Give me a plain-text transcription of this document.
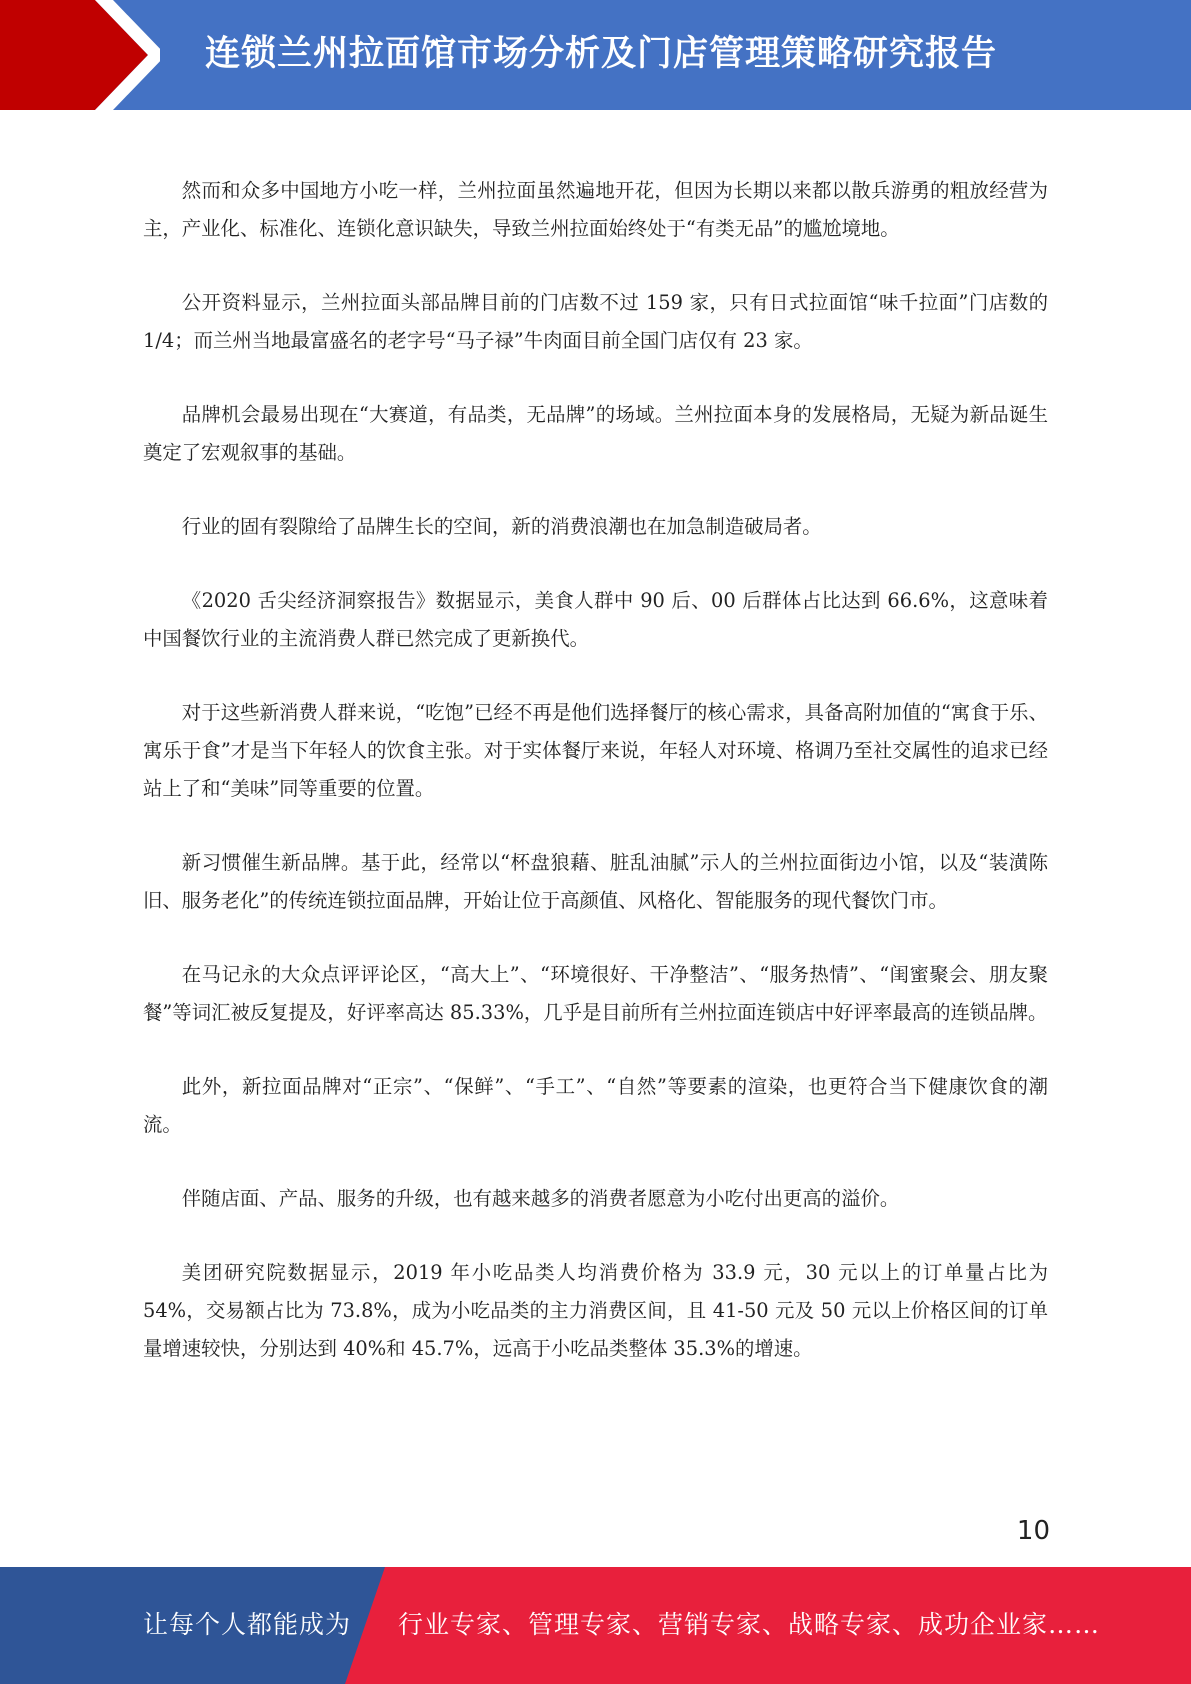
连锁兰州拉面馆市场分析及门店管理策略研究报告

然而和众多中国地方小吃一样，兰州拉面虽然遍地开花，但因为长期以来都以散兵游勇的粗放经营为主，产业化、标准化、连锁化意识缺失，导致兰州拉面始终处于“有类无品”的尴尬境地。

公开资料显示，兰州拉面头部品牌目前的门店数不过 159 家，只有日式拉面馆“味千拉面”门店数的 1/4；而兰州当地最富盛名的老字号“马子禄”牛肉面目前全国门店仅有 23 家。

品牌机会最易出现在“大赛道，有品类，无品牌”的场域。兰州拉面本身的发展格局，无疑为新品诞生奠定了宏观叙事的基础。

行业的固有裂隙给了品牌生长的空间，新的消费浪潮也在加急制造破局者。

《2020 舌尖经济洞察报告》数据显示，美食人群中 90 后、00 后群体占比达到 66.6%，这意味着中国餐饮行业的主流消费人群已然完成了更新换代。

对于这些新消费人群来说，“吃饱”已经不再是他们选择餐厅的核心需求，具备高附加值的“寓食于乐、寓乐于食”才是当下年轻人的饮食主张。对于实体餐厅来说，年轻人对环境、格调乃至社交属性的追求已经站上了和“美味”同等重要的位置。

新习惯催生新品牌。基于此，经常以“杯盘狼藉、脏乱油腻”示人的兰州拉面街边小馆，以及“装潢陈旧、服务老化”的传统连锁拉面品牌，开始让位于高颜值、风格化、智能服务的现代餐饮门市。

在马记永的大众点评评论区，“高大上”、“环境很好、干净整洁”、“服务热情”、“闺蜜聚会、朋友聚餐”等词汇被反复提及，好评率高达 85.33%，几乎是目前所有兰州拉面连锁店中好评率最高的连锁品牌。

此外，新拉面品牌对“正宗”、“保鲜”、“手工”、“自然”等要素的渲染，也更符合当下健康饮食的潮流。

伴随店面、产品、服务的升级，也有越来越多的消费者愿意为小吃付出更高的溢价。

美团研究院数据显示，2019 年小吃品类人均消费价格为 33.9 元，30 元以上的订单量占比为 54%，交易额占比为 73.8%，成为小吃品类的主力消费区间，且 41-50 元及 50 元以上价格区间的订单量增速较快，分别达到 40%和 45.7%，远高于小吃品类整体 35.3%的增速。

10
让每个人都能成为 行业专家、管理专家、营销专家、战略专家、成功企业家……
